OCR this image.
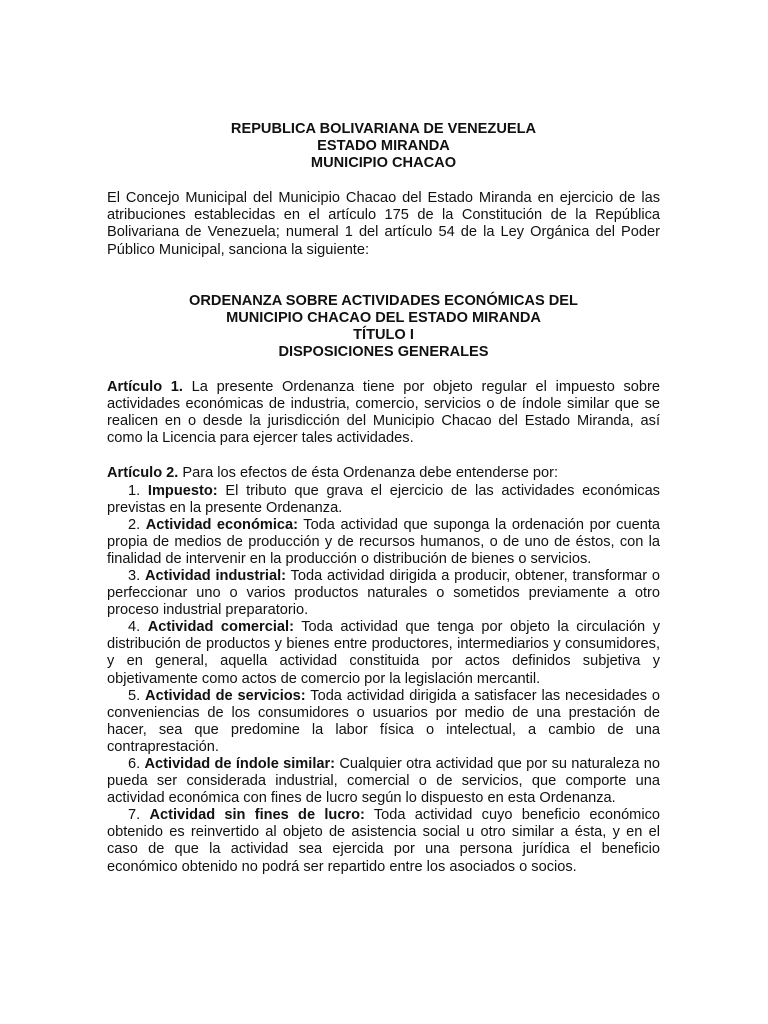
REPUBLICA BOLIVARIANA DE VENEZUELA
ESTADO MIRANDA
MUNICIPIO CHACAO

El Concejo Municipal del Municipio Chacao del Estado Miranda en ejercicio de las atribuciones establecidas en el artículo 175 de la Constitución de la República Bolivariana de Venezuela; numeral 1 del artículo 54 de la Ley Orgánica del Poder Público Municipal, sanciona la siguiente:

ORDENANZA SOBRE ACTIVIDADES ECONÓMICAS DEL
MUNICIPIO CHACAO DEL ESTADO MIRANDA
TÍTULO I
DISPOSICIONES GENERALES

Artículo 1. La presente Ordenanza tiene por objeto regular el impuesto sobre actividades económicas de industria, comercio, servicios o de índole similar que se realicen en o desde la jurisdicción del Municipio Chacao del Estado Miranda, así como la Licencia para ejercer tales actividades.

Artículo 2. Para los efectos de ésta Ordenanza debe entenderse por:
1. Impuesto: El tributo que grava el ejercicio de las actividades económicas previstas en la presente Ordenanza.
2. Actividad económica: Toda actividad que suponga la ordenación por cuenta propia de medios de producción y de recursos humanos, o de uno de éstos, con la finalidad de intervenir en la producción o distribución de bienes o servicios.
3. Actividad industrial: Toda actividad dirigida a producir, obtener, transformar o perfeccionar uno o varios productos naturales o sometidos previamente a otro proceso industrial preparatorio.
4. Actividad comercial: Toda actividad que tenga por objeto la circulación y distribución de productos y bienes entre productores, intermediarios y consumidores, y en general, aquella actividad constituida por actos definidos subjetiva y objetivamente como actos de comercio por la legislación mercantil.
5. Actividad de servicios: Toda actividad dirigida a satisfacer las necesidades o conveniencias de los consumidores o usuarios por medio de una prestación de hacer, sea que predomine la labor física o intelectual, a cambio de una contraprestación.
6. Actividad de índole similar: Cualquier otra actividad que por su naturaleza no pueda ser considerada industrial, comercial o de servicios, que comporte una actividad económica con fines de lucro según lo dispuesto en esta Ordenanza.
7. Actividad sin fines de lucro: Toda actividad cuyo beneficio económico obtenido es reinvertido al objeto de asistencia social u otro similar a ésta, y en el caso de que la actividad sea ejercida por una persona jurídica el beneficio económico obtenido no podrá ser repartido entre los asociados o socios.
